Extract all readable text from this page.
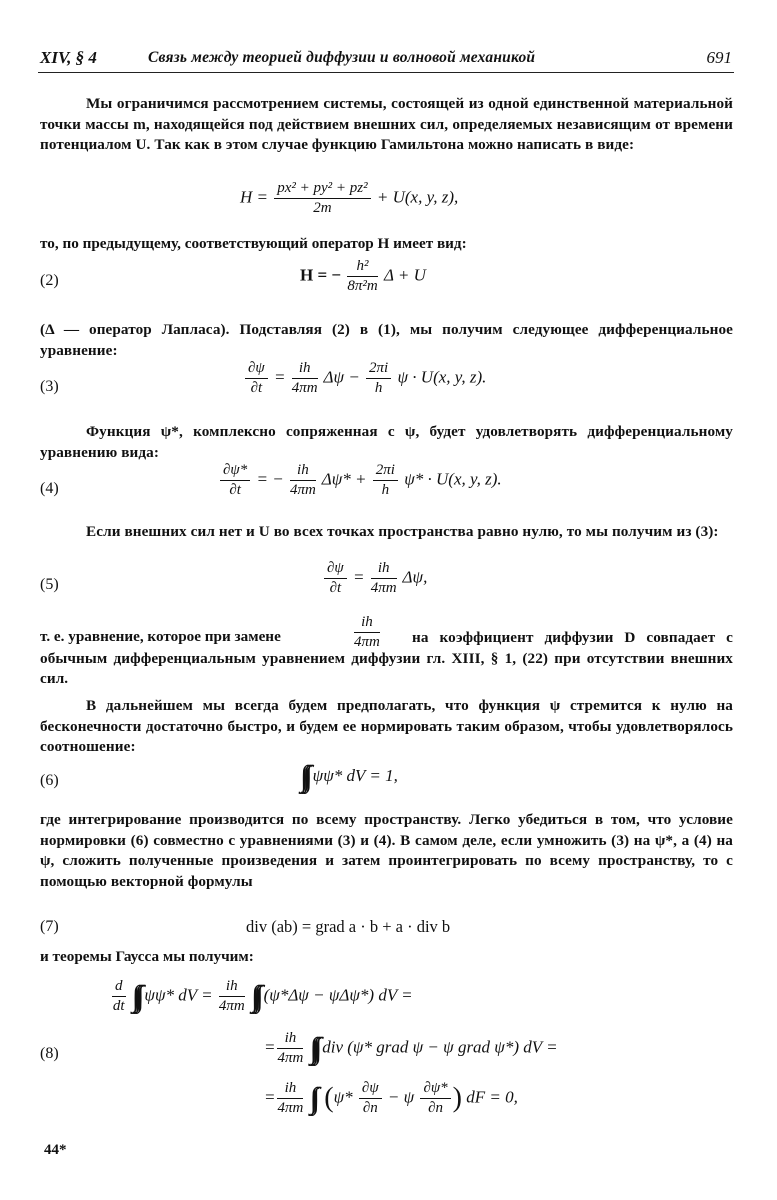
XIV, § 4	Связь между теорией диффузии и волновой механикой	691
Мы ограничимся рассмотрением системы, состоящей из одной единственной материальной точки массы m, находящейся под действием внешних сил, определяемых независящим от времени потенциалом U. Так как в этом случае функцию Гамильтона можно написать в виде:
$H = \frac{\text{px² + py² + pz²}}{2m} + U(x$, y, z),
то, по предыдущему, соответствующий оператор H имеет вид:
(2)	H = − $\frac{\text{h²}}{\text{8π²m}}$ Δ + U
(Δ — оператор Лапласа). Подставляя (2) в (1), мы получим следующее дифференциальное уравнение:
(3)	$\frac{\partial\psi}{\partial t} = \frac{ih}{4\pi m}$ $\Delta\psi - \frac{2\pi i}{h}$ ψ · U(x, y, z).
Функция ψ*, комплексно сопряженная с ψ, будет удовлетворять дифференциальному уравнению вида:
(4)	$\frac{\partial\psi*}{\partial t}$ = − $\frac{ih}{4\pi m} \Delta\psi* + \frac{2\pi i}{h} \psi* \cdot U(x$, y, z).
Если внешних сил нет и U во всех точках пространства равно нулю, то мы получим из (3):
(5)	$\frac{\partial\psi}{\partial t} = \frac{ih}{4\pi m} \Delta\psi$,
т. е. уравнение, которое при замене	$\frac{ih}{4\pi m}$	на коэффициент диффузии D совпадает с обычным дифференциальным уравнением диффузии гл. XIII, § 1, (22) при отсутствии внешних сил.
В дальнейшем мы всегда будем предполагать, что функция ψ стремится к нулю на бесконечности достаточно быстро, и будем ее нормировать таким образом, чтобы удовлетворялось соотношение:
(6)	∫∫∫ ψψ* dV = 1,
где интегрирование производится по всему пространству. Легко убедиться в том, что условие нормировки (6) совместно с уравнениями (3) и (4). В самом деле, если умножить (3) на ψ*, а (4) на ψ, сложить полученные произведения и затем проинтегрировать по всему пространству, то с помощью векторной формулы
(7)	div (ab) = grad a · b + a · div b
и теоремы Гаусса мы получим:
(8)
$\frac{d}{dt}$ ∫∫∫ ψψ* dV = $\frac{ih}{4\pi m}$ ∫∫∫ (ψ*Δψ − ψΔψ*) dV =
= $\frac{ih}{4\pi m}$ ∫∫∫ div (ψ* grad ψ − ψ grad ψ*) dV =
= $\frac{ih}{4\pi m}$ ∫∫ ($\psi* \frac{\partial\psi}{\partial n} - \psi \frac{\partial\psi*}{\partial n}$ ) dF = 0,
44*
